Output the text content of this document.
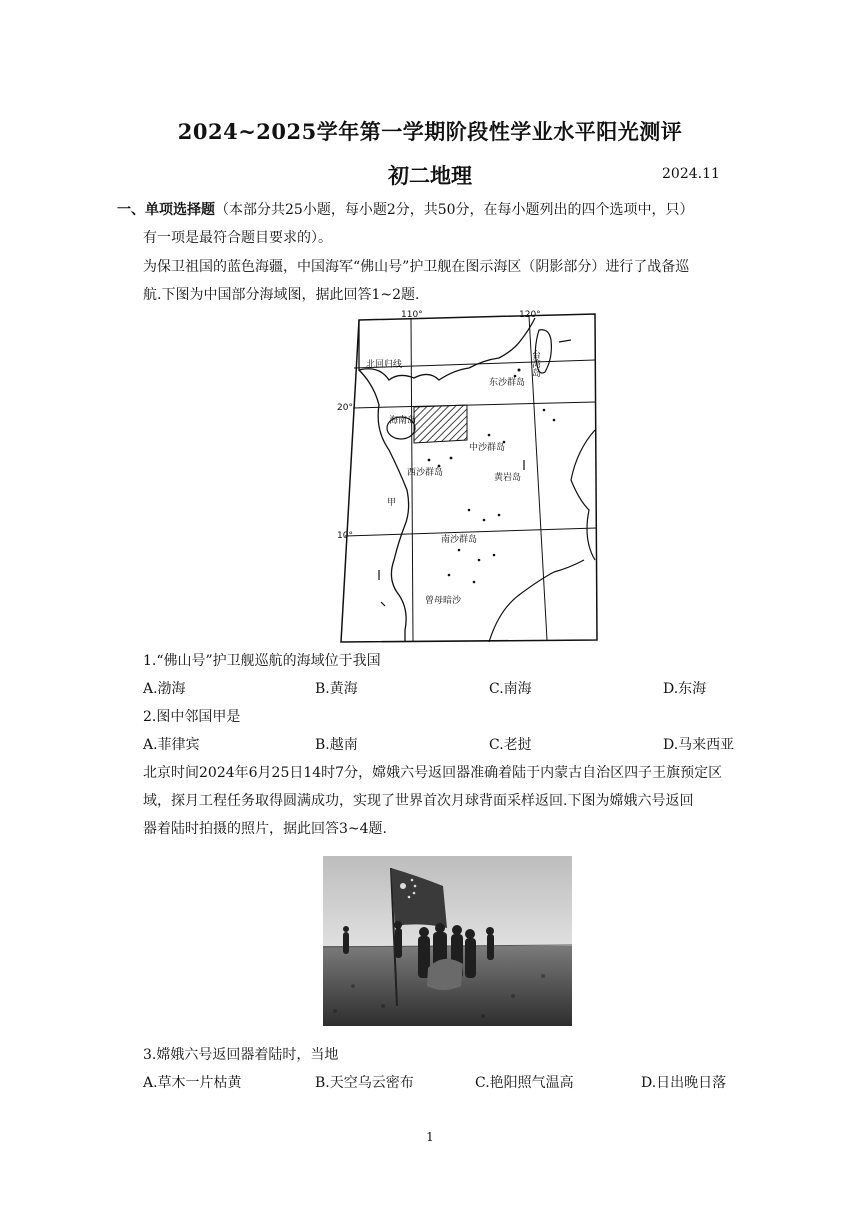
2024~2025学年第一学期阶段性学业水平阳光测评
初二地理	2024.11
一、单项选择题（本部分共25小题，每小题2分，共50分，在每小题列出的四个选项中，只）
有一项是最符合题目要求的）。
为保卫祖国的蓝色海疆，中国海军“佛山号”护卫舰在图示海区（阴影部分）进行了战备巡
航.下图为中国部分海域图，据此回答1~2题.
110°	120°
20°
10°
北回归线	台湾岛
东沙群岛
海南岛
中沙群岛
西沙群岛	黄岩岛
甲
南沙群岛
曾母暗沙
1.“佛山号”护卫舰巡航的海域位于我国
A.渤海	B.黄海	C.南海	D.东海
2.图中邻国甲是
A.菲律宾	B.越南	C.老挝	D.马来西亚
北京时间2024年6月25日14时7分，嫦娥六号返回器准确着陆于内蒙古自治区四子王旗预定区
域，探月工程任务取得圆满成功，实现了世界首次月球背面采样返回.下图为嫦娥六号返回
器着陆时拍摄的照片，据此回答3~4题.
3.嫦娥六号返回器着陆时，当地
A.草木一片枯黄	B.天空乌云密布	C.艳阳照气温高	D.日出晚日落
1
